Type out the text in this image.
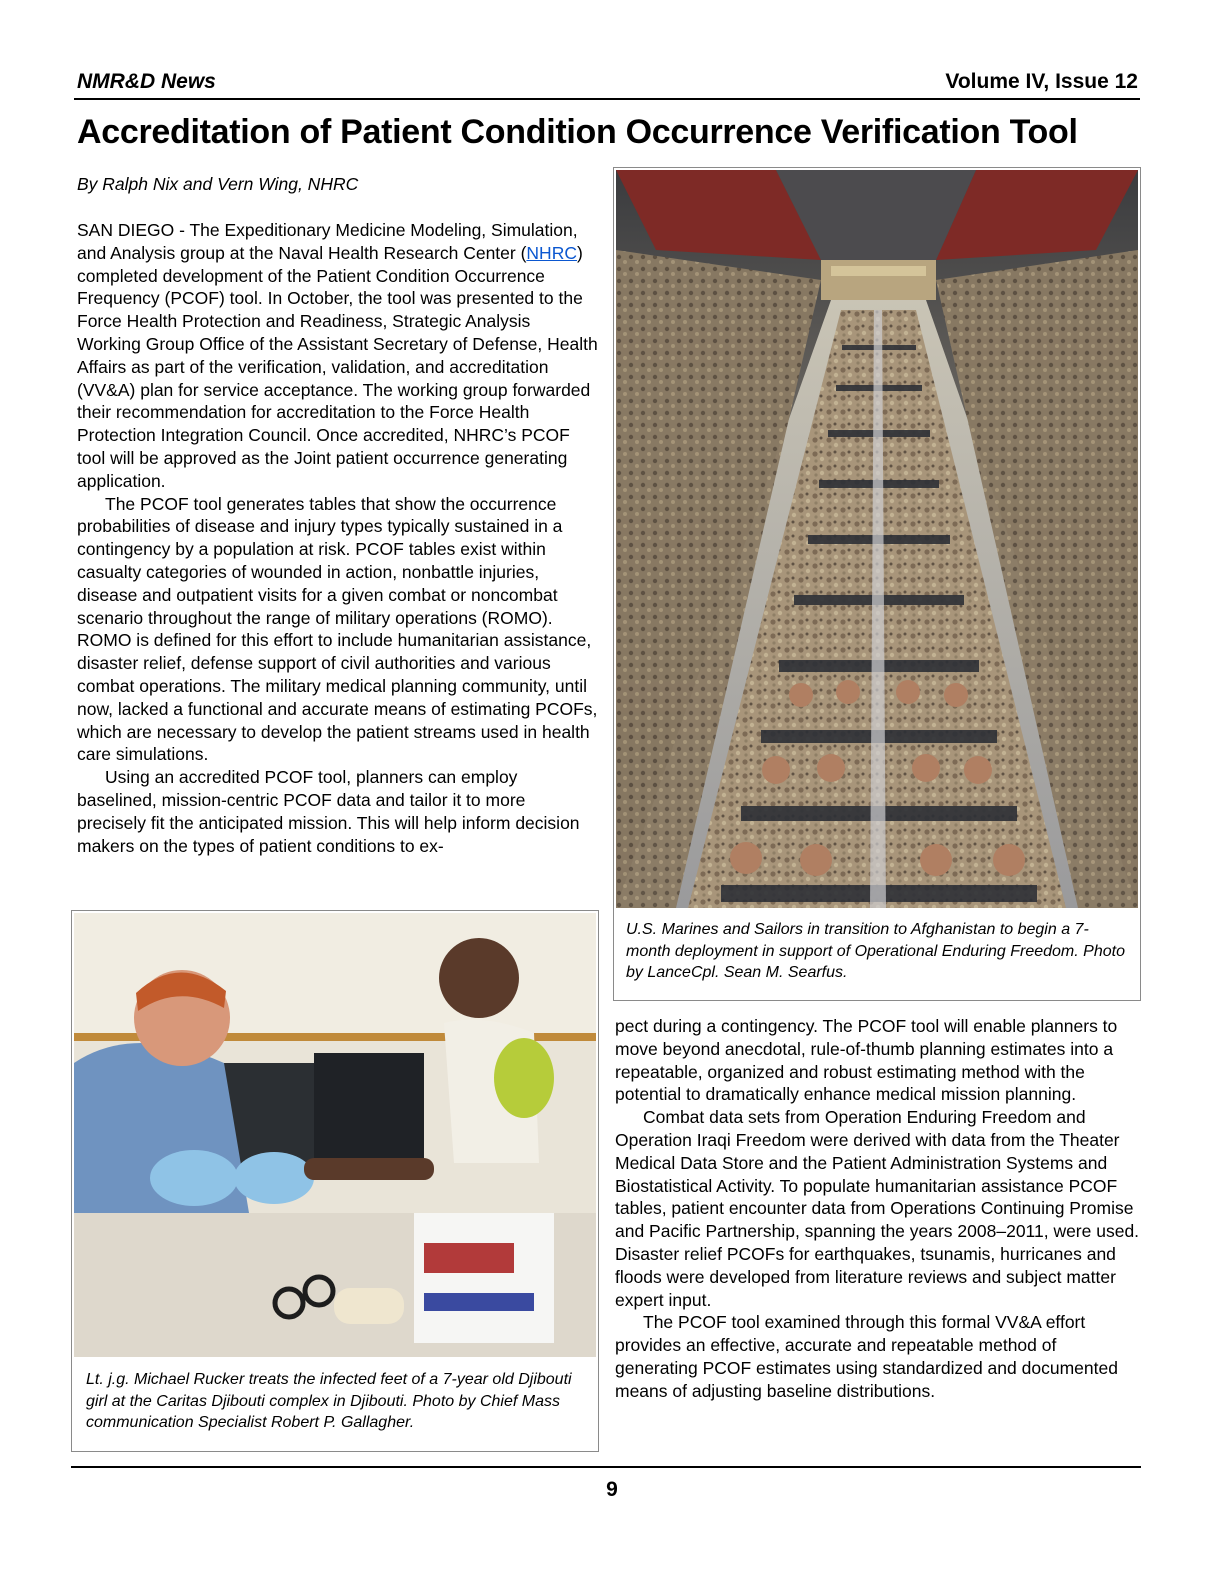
NMR&D News	Volume IV, Issue 12
Accreditation of Patient Condition Occurrence Verification Tool
By Ralph Nix and Vern Wing, NHRC

SAN DIEGO - The Expeditionary Medicine Modeling, Simulation, and Analysis group at the Naval Health Research Center (NHRC) completed development of the Patient Condition Occurrence Frequency (PCOF) tool. In October, the tool was presented to the Force Health Protection and Readiness, Strategic Analysis Working Group Office of the Assistant Secretary of Defense, Health Affairs as part of the verification, validation, and accreditation (VV&A) plan for service acceptance. The working group forwarded their recommendation for accreditation to the Force Health Protection Integration Council. Once accredited, NHRC’s PCOF tool will be approved as the Joint patient occurrence generating application.

The PCOF tool generates tables that show the occurrence probabilities of disease and injury types typically sustained in a contingency by a population at risk. PCOF tables exist within casualty categories of wounded in action, nonbattle injuries, disease and outpatient visits for a given combat or noncombat scenario throughout the range of military operations (ROMO). ROMO is defined for this effort to include humanitarian assistance, disaster relief, defense support of civil authorities and various combat operations. The military medical planning community, until now, lacked a functional and accurate means of estimating PCOFs, which are necessary to develop the patient streams used in health care simulations.

Using an accredited PCOF tool, planners can employ baselined, mission-centric PCOF data and tailor it to more precisely fit the anticipated mission. This will help inform decision makers on the types of patient conditions to ex-

U.S. Marines and Sailors in transition to Afghanistan to begin a 7-month deployment in support of Operational Enduring Freedom. Photo by LanceCpl. Sean M. Searfus.
Lt. j.g. Michael Rucker treats the infected feet of a 7-year old Djibouti girl at the Caritas Djibouti complex in Djibouti. Photo by Chief Mass communication Specialist Robert P. Gallagher.

pect during a contingency. The PCOF tool will enable planners to move beyond anecdotal, rule-of-thumb planning estimates into a repeatable, organized and robust estimating method with the potential to dramatically enhance medical mission planning.

Combat data sets from Operation Enduring Freedom and Operation Iraqi Freedom were derived with data from the Theater Medical Data Store and the Patient Administration Systems and Biostatistical Activity. To populate humanitarian assistance PCOF tables, patient encounter data from Operations Continuing Promise and Pacific Partnership, spanning the years 2008–2011, were used. Disaster relief PCOFs for earthquakes, tsunamis, hurricanes and floods were developed from literature reviews and subject matter expert input.

The PCOF tool examined through this formal VV&A effort provides an effective, accurate and repeatable method of generating PCOF estimates using standardized and documented means of adjusting baseline distributions.

9
